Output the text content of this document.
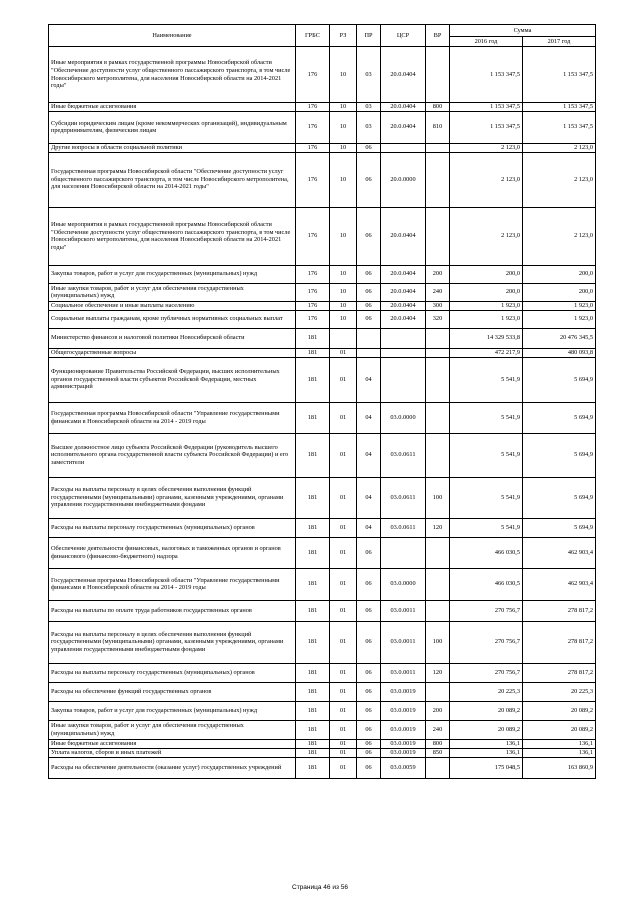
Наименование	ГРБС	РЗ	ПР	ЦСР	ВР	Сумма	
						2016 год	2017 год
Иные мероприятия в рамках государственной программы Новосибирской области "Обеспечение доступности услуг общественного пассажирского транспорта, в том числе Новосибирского метрополитена, для населения Новосибирской области на 2014-2021 годы"	176	10	03	20.0.0404		1 153 347,5	1 153 347,5
Иные бюджетные ассигнования	176	10	03	20.0.0404	800	1 153 347,5	1 153 347,5
Субсидии юридическим лицам (кроме некоммерческих организаций), индивидуальным предпринимателям, физическим лицам	176	10	03	20.0.0404	810	1 153 347,5	1 153 347,5
Другие вопросы в области социальной политики	176	10	06			2 123,0	2 123,0
Государственная программа Новосибирской области "Обеспечение доступности услуг общественного пассажирского транспорта, в том числе Новосибирского метрополитена, для населения Новосибирской области на 2014-2021 годы"	176	10	06	20.0.0000		2 123,0	2 123,0
Иные мероприятия в рамках государственной программы Новосибирской области "Обеспечение доступности услуг общественного пассажирского транспорта, в том числе Новосибирского метрополитена, для населения Новосибирской области на 2014-2021 годы"	176	10	06	20.0.0404		2 123,0	2 123,0
Закупка товаров, работ и услуг для государственных (муниципальных) нужд	176	10	06	20.0.0404	200	200,0	200,0
Иные закупки товаров, работ и услуг для обеспечения государственных (муниципальных) нужд	176	10	06	20.0.0404	240	200,0	200,0
Социальное обеспечение и иные выплаты населению	176	10	06	20.0.0404	300	1 923,0	1 923,0
Социальные выплаты гражданам, кроме публичных нормативных социальных выплат	176	10	06	20.0.0404	320	1 923,0	1 923,0
Министерство финансов и налоговой политики Новосибирской области	181					14 329 533,8	20 476 345,5
Общегосударственные вопросы	181	01				472 217,9	480 093,8
Функционирование Правительства Российской Федерации, высших исполнительных органов государственной власти субъектов Российской Федерации, местных администраций	181	01	04			5 541,9	5 694,9
Государственная программа Новосибирской области "Управление государственными финансами в Новосибирской области на 2014 - 2019 годы	181	01	04	03.0.0000		5 541,9	5 694,9
Высшее должностное лицо субъекта Российской Федерации (руководитель высшего исполнительного органа государственной власти субъекта Российской Федерации) и его заместители	181	01	04	03.0.0611		5 541,9	5 694,9
Расходы на выплаты персоналу в целях обеспечения выполнения функций государственными (муниципальными) органами, казенными учреждениями, органами управления государственными внебюджетными фондами	181	01	04	03.0.0611	100	5 541,9	5 694,9
Расходы на выплаты персоналу государственных (муниципальных) органов	181	01	04	03.0.0611	120	5 541,9	5 694,9
Обеспечение деятельности финансовых, налоговых и таможенных органов и органов финансового (финансово-бюджетного) надзора	181	01	06			466 030,5	462 903,4
Государственная программа Новосибирской области "Управление государственными финансами в Новосибирской области на 2014 - 2019 годы	181	01	06	03.0.0000		466 030,5	462 903,4
Расходы на выплаты по оплате труда работников государственных органов	181	01	06	03.0.0011		270 756,7	278 817,2
Расходы на выплаты персоналу в целях обеспечения выполнения функций государственными (муниципальными) органами, казенными учреждениями, органами управления государственными внебюджетными фондами	181	01	06	03.0.0011	100	270 756,7	278 817,2
Расходы на выплаты персоналу государственных (муниципальных) органов	181	01	06	03.0.0011	120	270 756,7	278 817,2
Расходы на обеспечение функций государственных органов	181	01	06	03.0.0019		20 225,3	20 225,3
Закупка товаров, работ и услуг для государственных (муниципальных) нужд	181	01	06	03.0.0019	200	20 089,2	20 089,2
Иные закупки товаров, работ и услуг для обеспечения государственных (муниципальных) нужд	181	01	06	03.0.0019	240	20 089,2	20 089,2
Иные бюджетные ассигнования	181	01	06	03.0.0019	800	136,1	136,1
Уплата налогов, сборов и иных платежей	181	01	06	03.0.0019	850	136,1	136,1
Расходы на обеспечение деятельности (оказание услуг) государственных учреждений	181	01	06	03.0.0059		175 048,5	163 860,9
Страница 46 из 56
